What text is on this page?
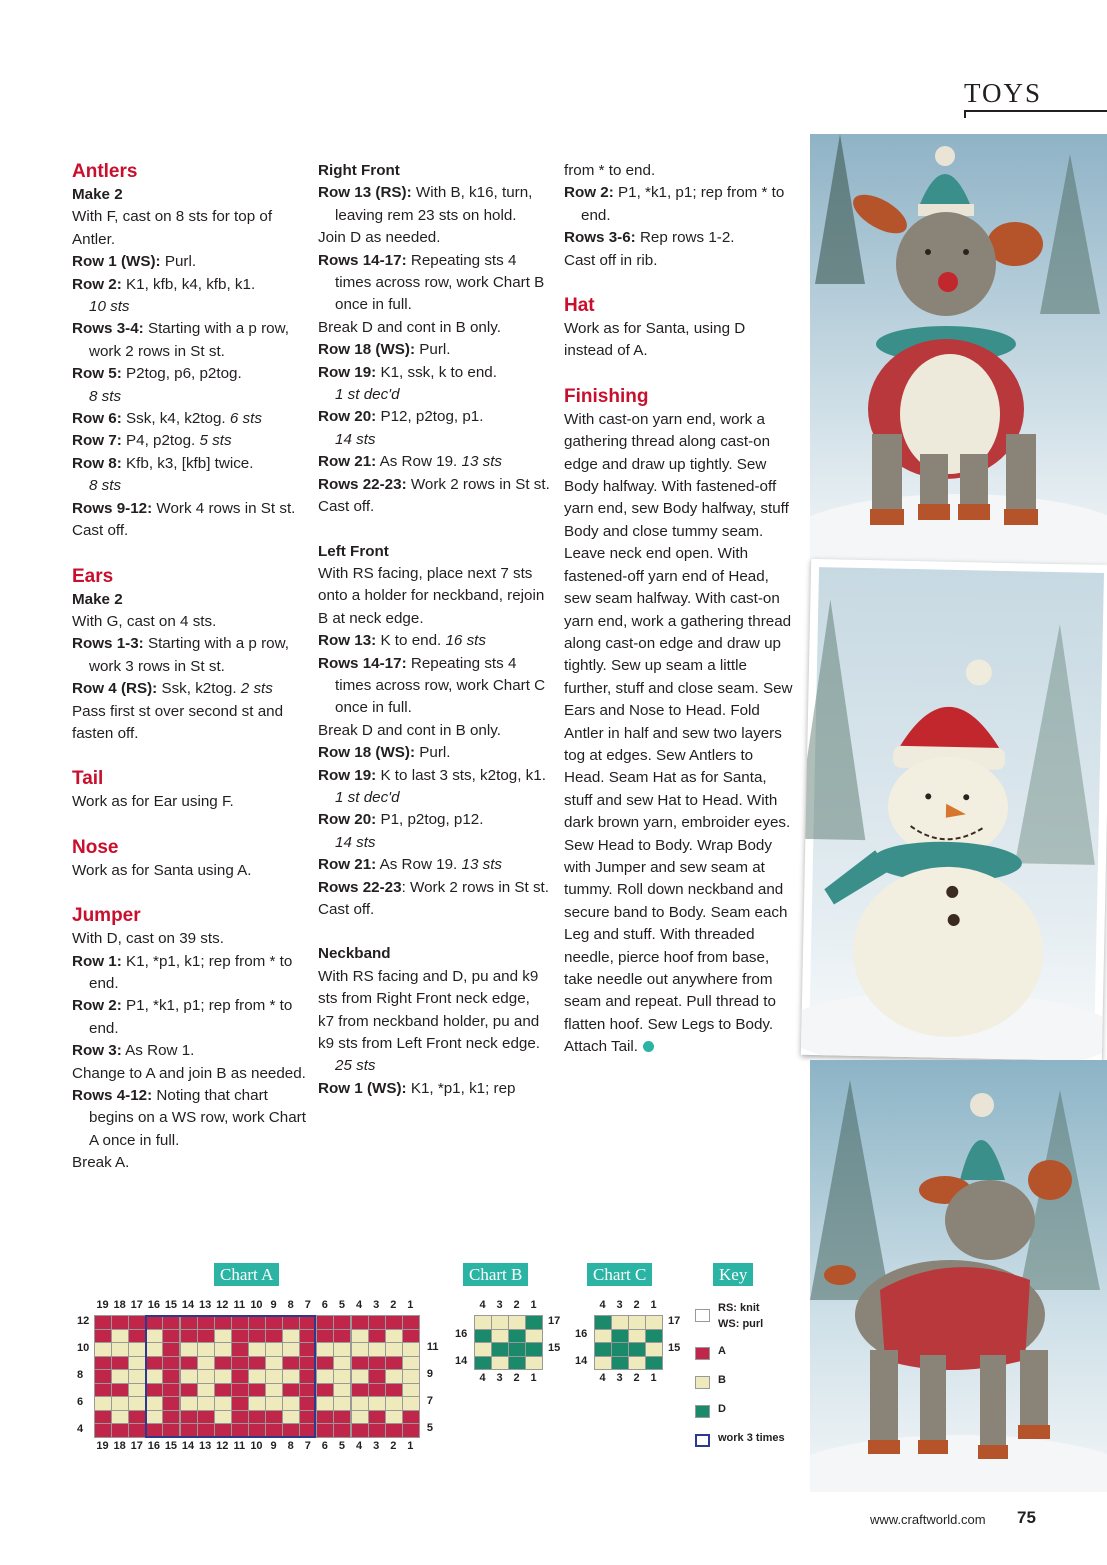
TOYS

Antlers

Make 2

With F, cast on 8 sts for top of Antler.

Row 1 (WS): Purl.

Row 2: K1, kfb, k4, kfb, k1.

10 sts

Rows 3-4: Starting with a p row, work 2 rows in St st.

Row 5: P2tog, p6, p2tog.

8 sts

Row 6: Ssk, k4, k2tog. 6 sts

Row 7: P4, p2tog. 5 sts

Row 8: Kfb, k3, [kfb] twice.

8 sts

Rows 9-12: Work 4 rows in St st.

Cast off.

Ears

Make 2

With G, cast on 4 sts.

Rows 1-3: Starting with a p row, work 3 rows in St st.

Row 4 (RS): Ssk, k2tog. 2 sts

Pass first st over second st and fasten off.

Tail

Work as for Ear using F.

Nose

Work as for Santa using A.

Jumper

With D, cast on 39 sts.

Row 1: K1, *p1, k1; rep from * to end.

Row 2: P1, *k1, p1; rep from * to end.

Row 3: As Row 1.

Change to A and join B as needed.

Rows 4-12: Noting that chart begins on a WS row, work Chart A once in full.

Break A.

Right Front

Row 13 (RS): With B, k16, turn, leaving rem 23 sts on hold.

Join D as needed.

Rows 14-17: Repeating sts 4 times across row, work Chart B once in full.

Break D and cont in B only.

Row 18 (WS): Purl.

Row 19: K1, ssk, k to end.

1 st dec'd

Row 20: P12, p2tog, p1.

14 sts

Row 21: As Row 19. 13 sts

Rows 22-23: Work 2 rows in St st.

Cast off.

Left Front

With RS facing, place next 7 sts onto a holder for neckband, rejoin B at neck edge.

Row 13: K to end. 16 sts

Rows 14-17: Repeating sts 4 times across row, work Chart C once in full.

Break D and cont in B only.

Row 18 (WS): Purl.

Row 19: K to last 3 sts, k2tog, k1. 1 st dec'd

Row 20: P1, p2tog, p12.

14 sts

Row 21: As Row 19. 13 sts

Rows 22-23: Work 2 rows in St st.

Cast off.

Neckband

With RS facing and D, pu and k9 sts from Right Front neck edge, k7 from neckband holder, pu and k9 sts from Left Front neck edge.

25 sts

Row 1 (WS): K1, *p1, k1; rep

from * to end.

Row 2: P1, *k1, p1; rep from * to end.

Rows 3-6: Rep rows 1-2.

Cast off in rib.

Hat

Work as for Santa, using D instead of A.

Finishing

With cast-on yarn end, work a gathering thread along cast-on edge and draw up tightly. Sew Body halfway. With fastened-off yarn end, sew Body halfway, stuff Body and close tummy seam. Leave neck end open. With fastened-off yarn end of Head, sew seam halfway. With cast-on yarn end, work a gathering thread along cast-on edge and draw up tightly. Sew up seam a little further, stuff and close seam. Sew Ears and Nose to Head. Fold Antler in half and sew two layers tog at edges. Sew Antlers to Head. Seam Hat as for Santa, stuff and sew Hat to Head. With dark brown yarn, embroider eyes. Sew Head to Body. Wrap Body with Jumper and sew seam at tummy. Roll down neckband and secure band to Body. Seam each Leg and stuff. With threaded needle, pierce hoof from base, take needle out anywhere from seam and repeat. Pull thread to flatten hoof. Sew Legs to Body. Attach Tail.

Chart A	Chart B	Chart C	Key
19
19
18
18
17
17
16
16
15
15
14
14
13
13
12
12
11
11
10
10
9
9
8
8
7
7
6
6
5
5
4
4
3
3
2
2
1
1
12
10
8
6
4
11
9
7
5
4
4
3
3
2
2
1
1
16
14
17
15
4
4
3
3
2
2
1
1
16
14
17
15
RS: knit
WS: purl
A
B
D
work 3 times
www.craftworld.com 75
